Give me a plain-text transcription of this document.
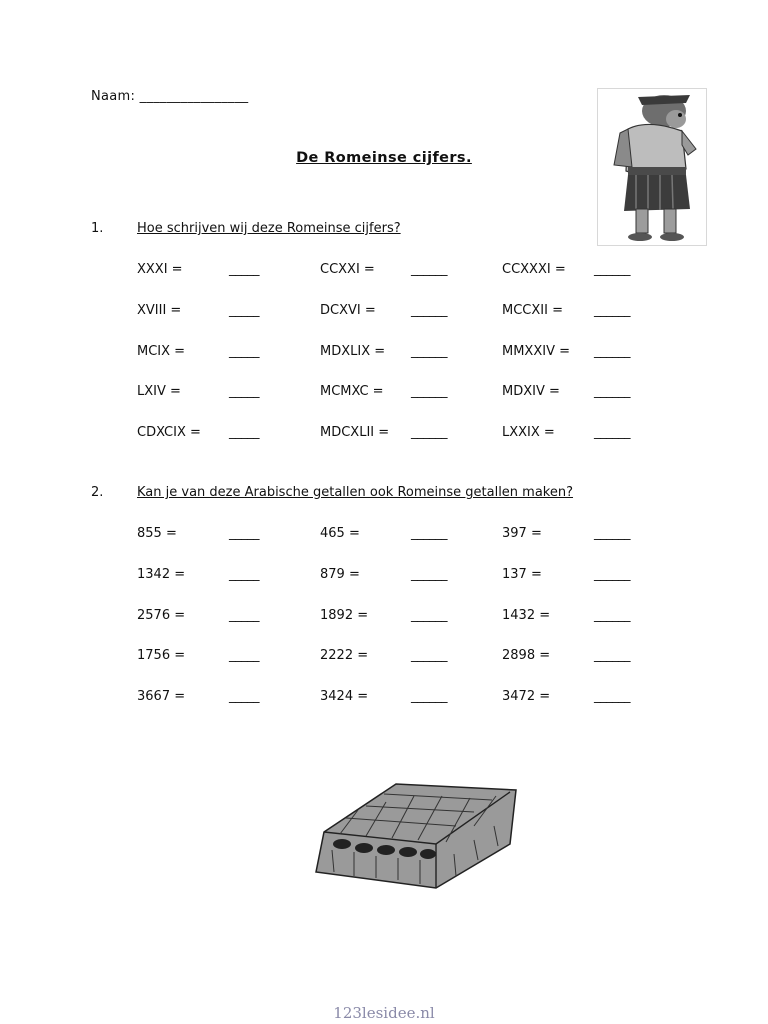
Naam: ________________
De Romeinse cijfers.
1.	Hoe schrijven wij deze Romeinse cijfers?
XXXI =	_____	CCXXI =	______	CCXXXI = ______
XVIII =	_____	DCXVI =	______	MCCXII = ______
MCIX =	_____	MDXLIX = ______	MMXXIV = ______
LXIV =	_____	MCMXC = ______	MDXIV =	______
CDXCIX = _____	MDCXLII = ______	LXXIX =	______
2.	Kan je van deze Arabische getallen ook Romeinse getallen maken?
855 =	_____	465 =	______	397 =	______
1342 =	_____	879 =	______	137 =	______
2576 =	_____	1892 =	______	1432 =	______
1756 =	_____	2222 =	______	2898 =	______
3667 =	_____	3424 =	______	3472 =	______
123lesidee.nl
